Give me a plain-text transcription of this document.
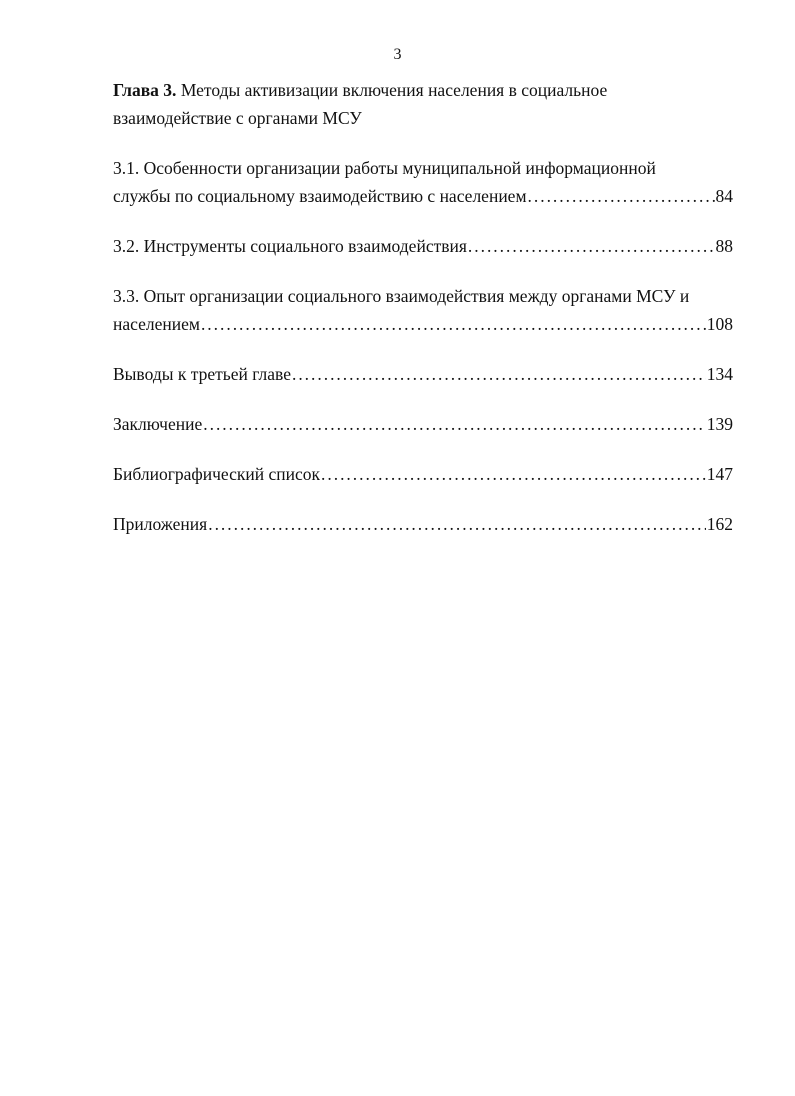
3
Глава 3. Методы активизации включения населения в социальное
взаимодействие с органами МСУ
3.1. Особенности организации работы муниципальной информационной
службы по социальному взаимодействию с населением . . .	84
3.2. Инструменты социального взаимодействия . . .	88
3.3. Опыт организации социального взаимодействия между органами МСУ и
населением . . .	108
Выводы к третьей главе . . .	134
Заключение . . .	139
Библиографический список . . .	147
Приложения . . .	162
